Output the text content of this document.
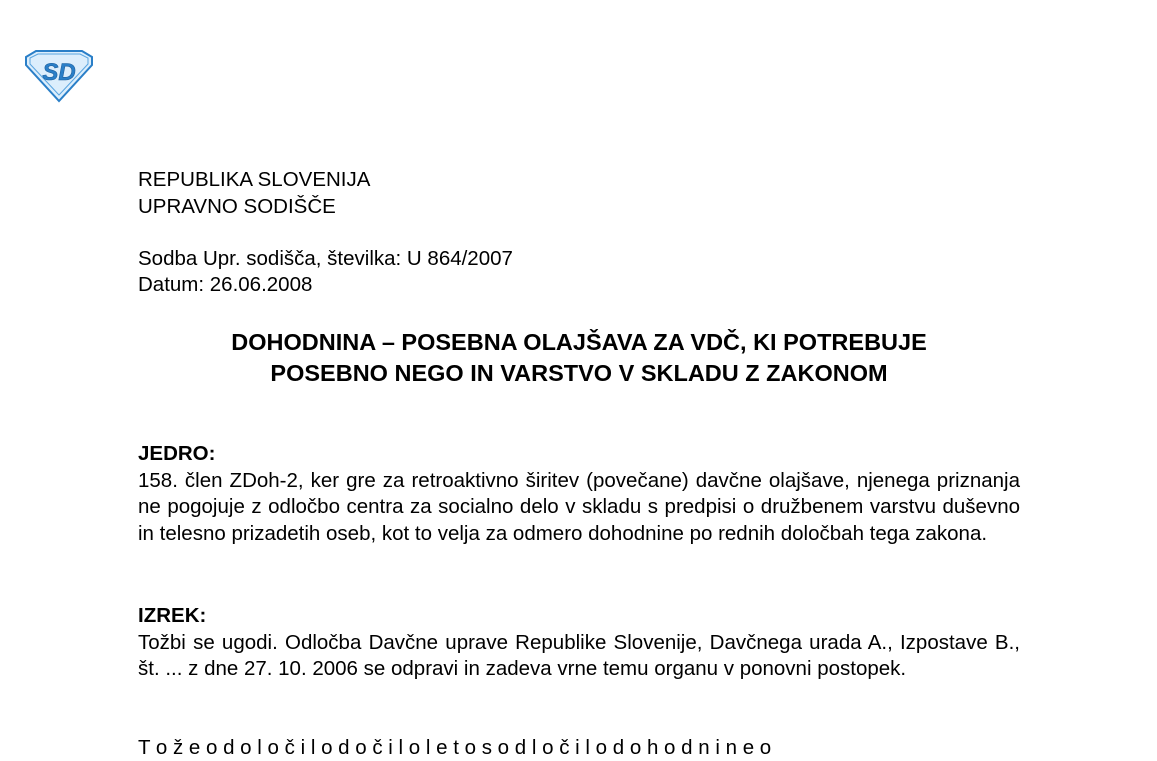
SD
REPUBLIKA SLOVENIJA
UPRAVNO SODIŠČE
Sodba Upr. sodišča, številka: U 864/2007
Datum: 26.06.2008
DOHODNINA – POSEBNA OLAJŠAVA ZA VDČ, KI POTREBUJE
POSEBNO NEGO IN VARSTVO V SKLADU Z ZAKONOM
JEDRO:
158. člen ZDoh-2, ker gre za retroaktivno širitev (povečane) davčne olajšave, njenega priznanja ne pogojuje z odločbo centra za socialno delo v skladu s predpisi o družbenem varstvu duševno in telesno prizadetih oseb, kot to velja za odmero dohodnine po rednih določbah tega zakona.
IZREK:
Tožbi se ugodi. Odločba Davčne uprave Republike Slovenije, Davčnega urada A., Izpostave B., št. ... z dne 27. 10. 2006 se odpravi in zadeva vrne temu organu v ponovni postopek.
T o ž e o d o l o č i l o d o č i l o l e t o s o d l o č i l o d o h o d n i n e o
